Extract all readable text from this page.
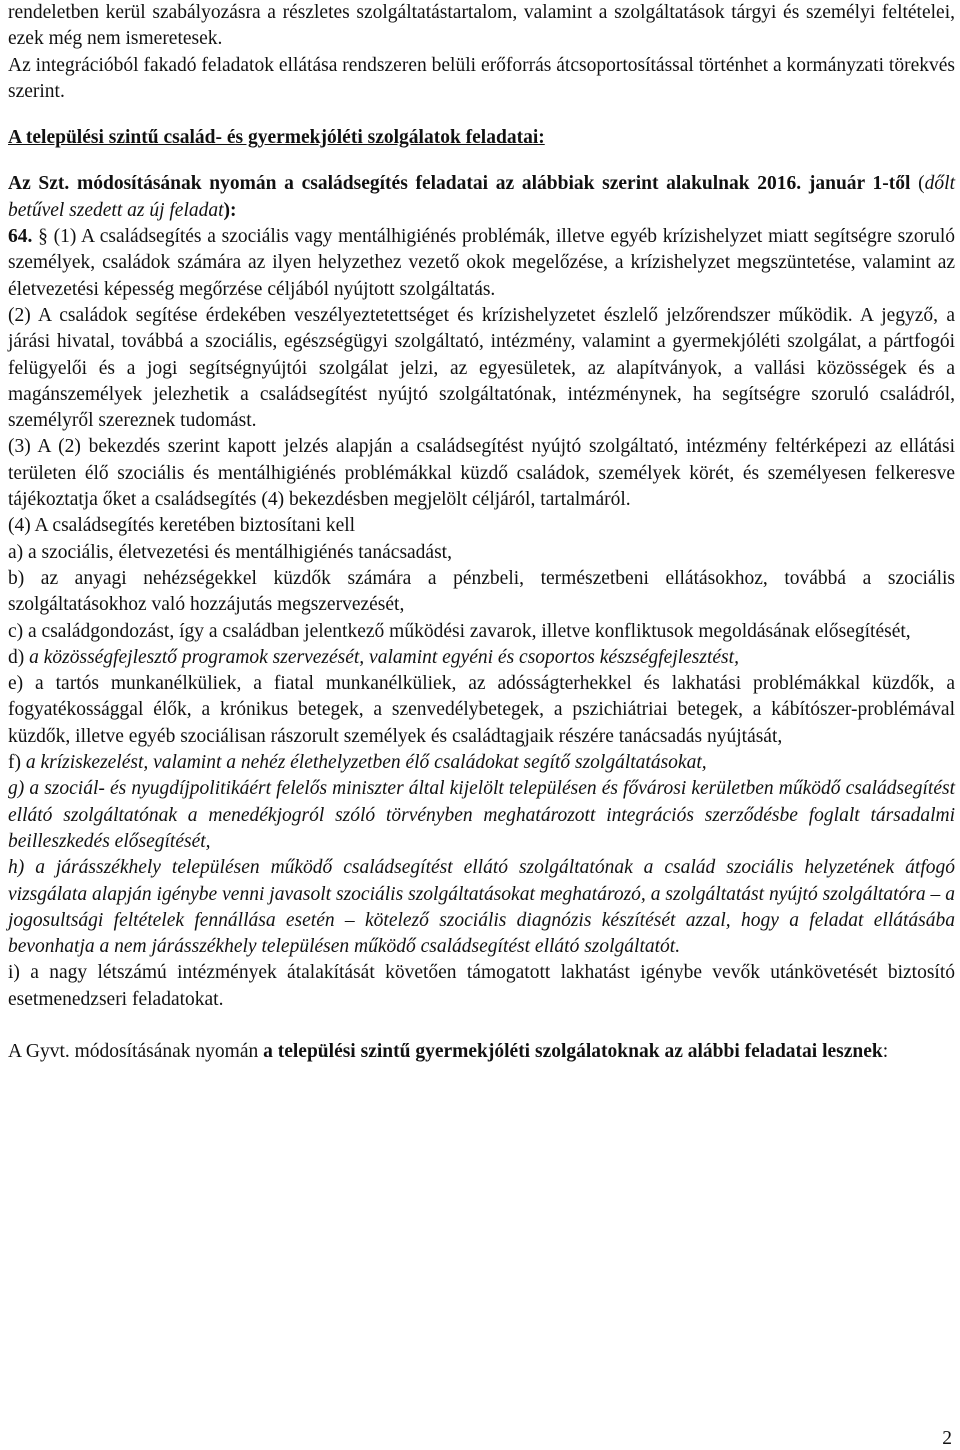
rendeletben kerül szabályozásra a részletes szolgáltatástartalom, valamint a szolgáltatások tárgyi és személyi feltételei, ezek még nem ismeretesek.

Az integrációból fakadó feladatok ellátása rendszeren belüli erőforrás átcsoportosítással történhet a kormányzati törekvés szerint.

A települési szintű család- és gyermekjóléti szolgálatok feladatai:

Az Szt. módosításának nyomán a családsegítés feladatai az alábbiak szerint alakulnak 2016. január 1-től (dőlt betűvel szedett az új feladat):

64. § (1) A családsegítés a szociális vagy mentálhigiénés problémák, illetve egyéb krízishelyzet miatt segítségre szoruló személyek, családok számára az ilyen helyzethez vezető okok megelőzése, a krízishelyzet megszüntetése, valamint az életvezetési képesség megőrzése céljából nyújtott szolgáltatás.

(2) A családok segítése érdekében veszélyeztetettséget és krízishelyzetet észlelő jelzőrendszer működik. A jegyző, a járási hivatal, továbbá a szociális, egészségügyi szolgáltató, intézmény, valamint a gyermekjóléti szolgálat, a pártfogói felügyelői és a jogi segítségnyújtói szolgálat jelzi, az egyesületek, az alapítványok, a vallási közösségek és a magánszemélyek jelezhetik a családsegítést nyújtó szolgáltatónak, intézménynek, ha segítségre szoruló családról, személyről szereznek tudomást.

(3) A (2) bekezdés szerint kapott jelzés alapján a családsegítést nyújtó szolgáltató, intézmény feltérképezi az ellátási területen élő szociális és mentálhigiénés problémákkal küzdő családok, személyek körét, és személyesen felkeresve tájékoztatja őket a családsegítés (4) bekezdésben megjelölt céljáról, tartalmáról.

(4) A családsegítés keretében biztosítani kell

a) a szociális, életvezetési és mentálhigiénés tanácsadást,

b) az anyagi nehézségekkel küzdők számára a pénzbeli, természetbeni ellátásokhoz, továbbá a szociális szolgáltatásokhoz való hozzájutás megszervezését,

c) a családgondozást, így a családban jelentkező működési zavarok, illetve konfliktusok megoldásának elősegítését,

d) a közösségfejlesztő programok szervezését, valamint egyéni és csoportos készségfejlesztést,

e) a tartós munkanélküliek, a fiatal munkanélküliek, az adósságterhekkel és lakhatási problémákkal küzdők, a fogyatékossággal élők, a krónikus betegek, a szenvedélybetegek, a pszichiátriai betegek, a kábítószer-problémával küzdők, illetve egyéb szociálisan rászorult személyek és családtagjaik részére tanácsadás nyújtását,

f) a kríziskezelést, valamint a nehéz élethelyzetben élő családokat segítő szolgáltatásokat,

g) a szociál- és nyugdíjpolitikáért felelős miniszter által kijelölt településen és fővárosi kerületben működő családsegítést ellátó szolgáltatónak a menedékjogról szóló törvényben meghatározott integrációs szerződésbe foglalt társadalmi beilleszkedés elősegítését,

h) a járásszékhely településen működő családsegítést ellátó szolgáltatónak a család szociális helyzetének átfogó vizsgálata alapján igénybe venni javasolt szociális szolgáltatásokat meghatározó, a szolgáltatást nyújtó szolgáltatóra – a jogosultsági feltételek fennállása esetén – kötelező szociális diagnózis készítését azzal, hogy a feladat ellátásába bevonhatja a nem járásszékhely településen működő családsegítést ellátó szolgáltatót.

i) a nagy létszámú intézmények átalakítását követően támogatott lakhatást igénybe vevők utánkövetését biztosító esetmenedzseri feladatokat.

A Gyvt. módosításának nyomán a települési szintű gyermekjóléti szolgálatoknak az alábbi feladatai lesznek:

2
